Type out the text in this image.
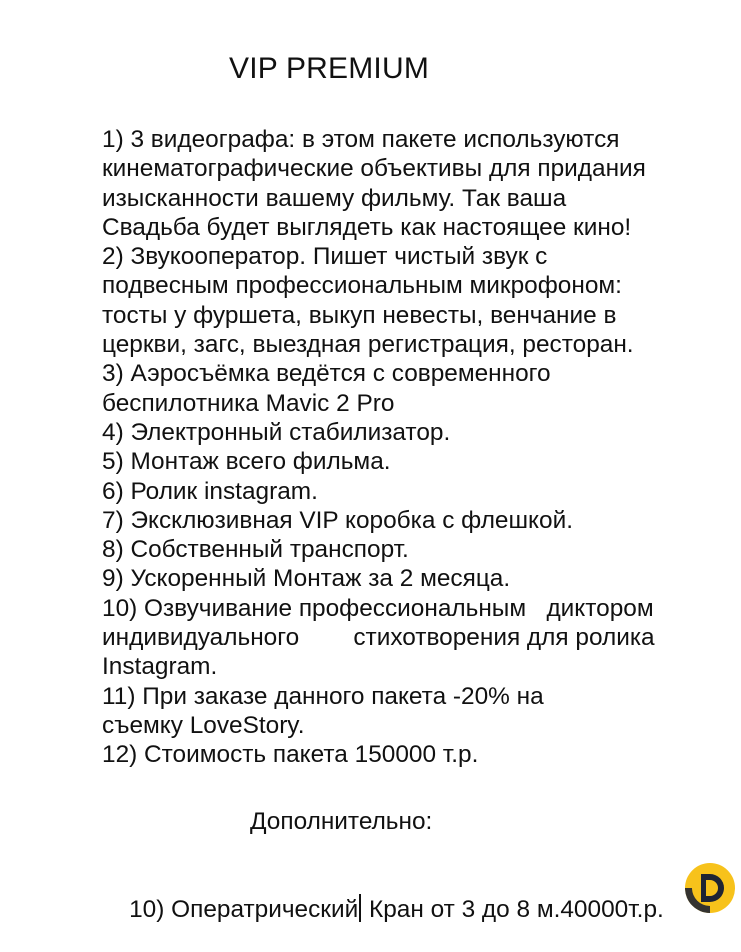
VIP PREMIUM
1) 3 видеографа: в этом пакете используются
кинематографические объективы для придания
изысканности вашему фильму. Так ваша
Свадьба будет выглядеть как настоящее кино!
2) Звукооператор. Пишет чистый звук с
подвесным профессиональным микрофоном:
тосты у фуршета, выкуп невесты, венчание в
церкви, загс, выездная регистрация, ресторан.
3) Аэросъёмка ведётся с современного
беспилотника Mavic 2 Pro
4) Электронный стабилизатор.
5) Монтаж всего фильма.
6) Ролик instagram.
7) Эксклюзивная VIP коробка с флешкой.
8) Собственный транспорт.
9) Ускоренный Монтаж за 2 месяца.
10) Озвучивание профессиональным   диктором
индивидуального        стихотворения для ролика
Instagram.
11) При заказе данного пакета -20% на
съемку LoveStory.
12) Стоимость пакета 150000 т.р.
Дополнительно:

10) Оператрический Кран от 3 до 8 м.40000т.р.
